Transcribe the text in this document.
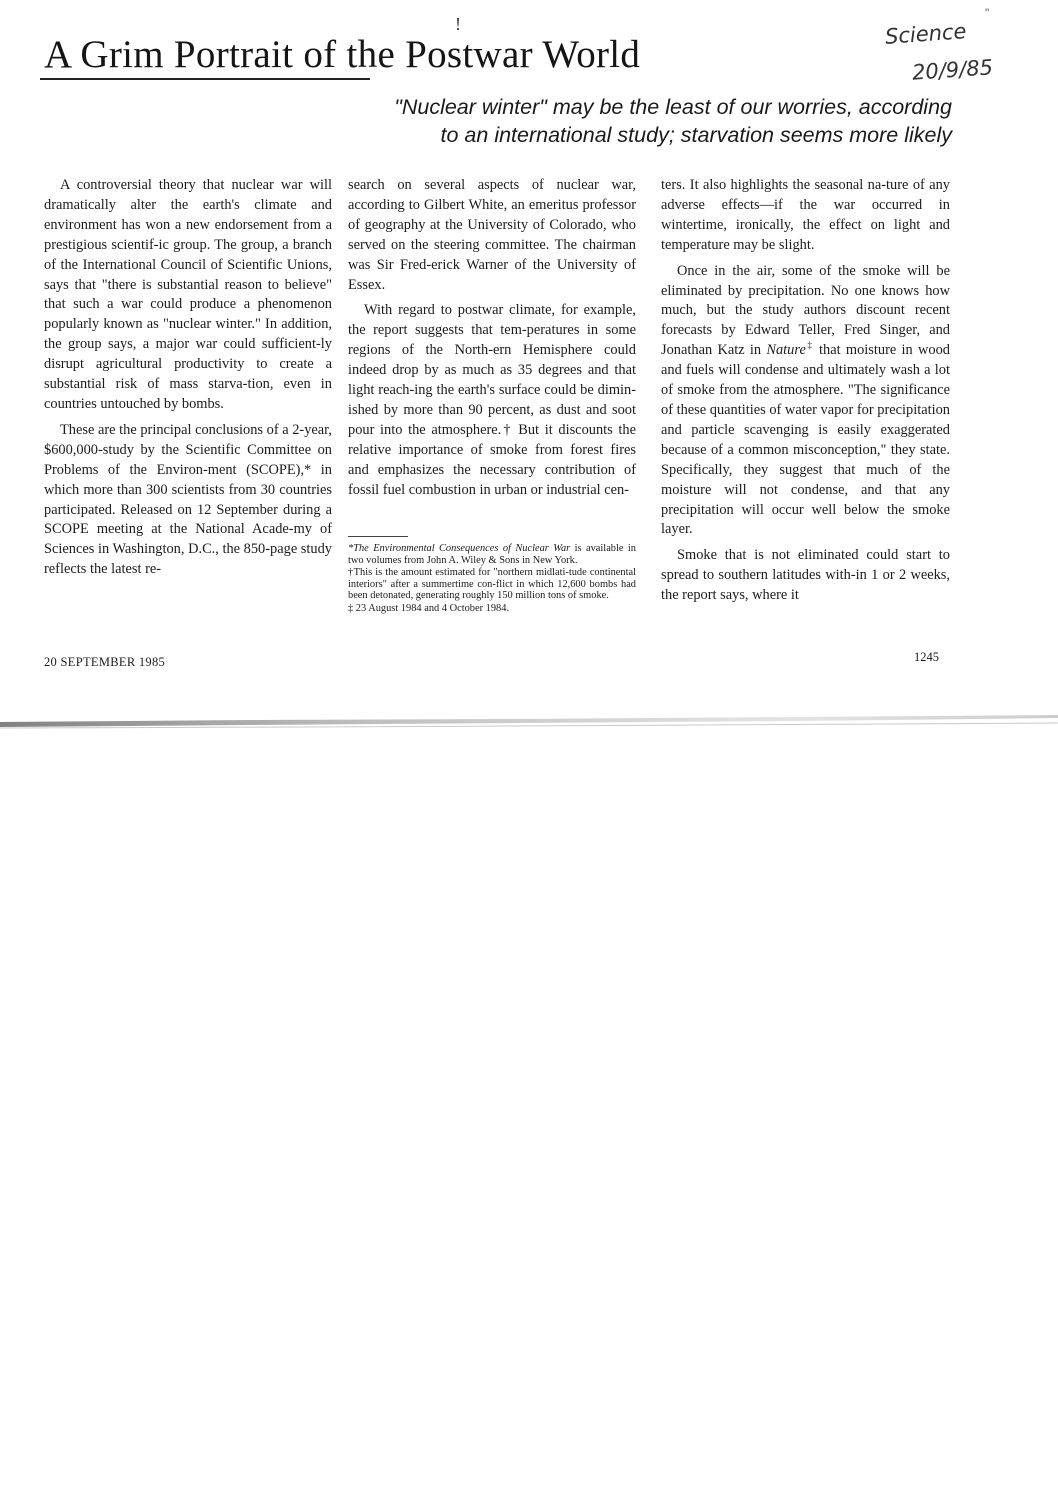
!
"
A Grim Portrait of the Postwar World	Science
20/9/85
"Nuclear winter" may be the least of our worries, according
to an international study; starvation seems more likely

A controversial theory that nuclear war will dramatically alter the earth's climate and environment has won a new endorsement from a prestigious scientif-ic group. The group, a branch of the International Council of Scientific Unions, says that "there is substantial reason to believe" that such a war could produce a phenomenon popularly known as "nuclear winter." In addition, the group says, a major war could sufficient-ly disrupt agricultural productivity to create a substantial risk of mass starva-tion, even in countries untouched by bombs.

These are the principal conclusions of a 2-year, $600,000-study by the Scientific Committee on Problems of the Environ-ment (SCOPE),* in which more than 300 scientists from 30 countries participated. Released on 12 September during a SCOPE meeting at the National Acade-my of Sciences in Washington, D.C., the 850-page study reflects the latest re-

search on several aspects of nuclear war, according to Gilbert White, an emeritus professor of geography at the University of Colorado, who served on the steering committee. The chairman was Sir Fred-erick Warner of the University of Essex.

With regard to postwar climate, for example, the report suggests that tem-peratures in some regions of the North-ern Hemisphere could indeed drop by as much as 35 degrees and that light reach-ing the earth's surface could be dimin-ished by more than 90 percent, as dust and soot pour into the atmosphere.† But it discounts the relative importance of smoke from forest fires and emphasizes the necessary contribution of fossil fuel combustion in urban or industrial cen-

*The Environmental Consequences of Nuclear War is available in two volumes from John A. Wiley & Sons in New York.

†This is the amount estimated for "northern midlati-tude continental interiors" after a summertime con-flict in which 12,600 bombs had been detonated, generating roughly 150 million tons of smoke.

‡ 23 August 1984 and 4 October 1984.

ters. It also highlights the seasonal na-ture of any adverse effects—if the war occurred in wintertime, ironically, the effect on light and temperature may be slight.

Once in the air, some of the smoke will be eliminated by precipitation. No one knows how much, but the study authors discount recent forecasts by Edward Teller, Fred Singer, and Jonathan Katz in Nature‡ that moisture in wood and fuels will condense and ultimately wash a lot of smoke from the atmosphere. "The significance of these quantities of water vapor for precipitation and particle scavenging is easily exaggerated because of a common misconception," they state. Specifically, they suggest that much of the moisture will not condense, and that any precipitation will occur well below the smoke layer.

Smoke that is not eliminated could start to spread to southern latitudes with-in 1 or 2 weeks, the report says, where it

20 SEPTEMBER 1985	1245
